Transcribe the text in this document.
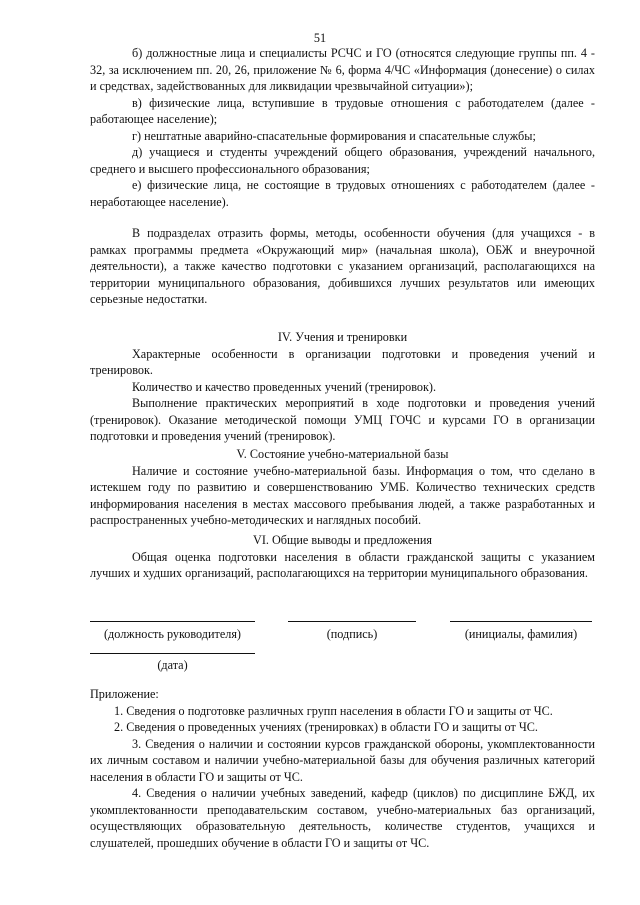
51

б) должностные лица и специалисты РСЧС и ГО (относятся следующие группы пп. 4 - 32, за исключением пп. 20, 26, приложение № 6, форма 4/ЧС «Информация (донесение) о силах и средствах, задействованных для ликвидации чрезвычайной ситуации»);

в) физические лица, вступившие в трудовые отношения с работодателем (далее - работающее население);

г) нештатные аварийно-спасательные формирования и спасательные службы;

д) учащиеся и студенты учреждений общего образования, учреждений начального, среднего и высшего профессионального образования;

е) физические лица, не состоящие в трудовых отношениях с работодателем (далее - неработающее население).

В подразделах отразить формы, методы, особенности обучения (для учащихся - в рамках программы предмета «Окружающий мир» (начальная школа), ОБЖ и внеурочной деятельности), а также качество подготовки с указанием организаций, располагающихся на территории муниципального образования, добившихся лучших результатов или имеющих серьезные недостатки.

IV. Учения и тренировки

Характерные особенности в организации подготовки и проведения учений и тренировок.

Количество и качество проведенных учений (тренировок).

Выполнение практических мероприятий в ходе подготовки и проведения учений (тренировок). Оказание методической помощи УМЦ ГОЧС и курсами ГО в организации подготовки и проведения учений (тренировок).

V. Состояние учебно-материальной базы

Наличие и состояние учебно-материальной базы. Информация о том, что сделано в истекшем году по развитию и совершенствованию УМБ. Количество технических средств информирования населения в местах массового пребывания людей, а также разработанных и распространенных учебно-методических и наглядных пособий.

VI. Общие выводы и предложения

Общая оценка подготовки населения в области гражданской защиты с указанием лучших и худших организаций, располагающихся на территории муниципального образования.

(должность руководителя)	(подпись)	(инициалы, фамилия)
(дата)

Приложение:

1. Сведения о подготовке различных групп населения в области ГО и защиты от ЧС.

2. Сведения о проведенных учениях (тренировках) в области ГО и защиты от ЧС.

3. Сведения о наличии и состоянии курсов гражданской обороны, укомплектованности их личным составом и наличии учебно-материальной базы для обучения различных категорий населения в области ГО и защиты от ЧС.

4. Сведения о наличии учебных заведений, кафедр (циклов) по дисциплине БЖД, их укомплектованности преподавательским составом, учебно-материальных баз организаций, осуществляющих образовательную деятельность, количестве студентов, учащихся и слушателей, прошедших обучение в области ГО и защиты от ЧС.
